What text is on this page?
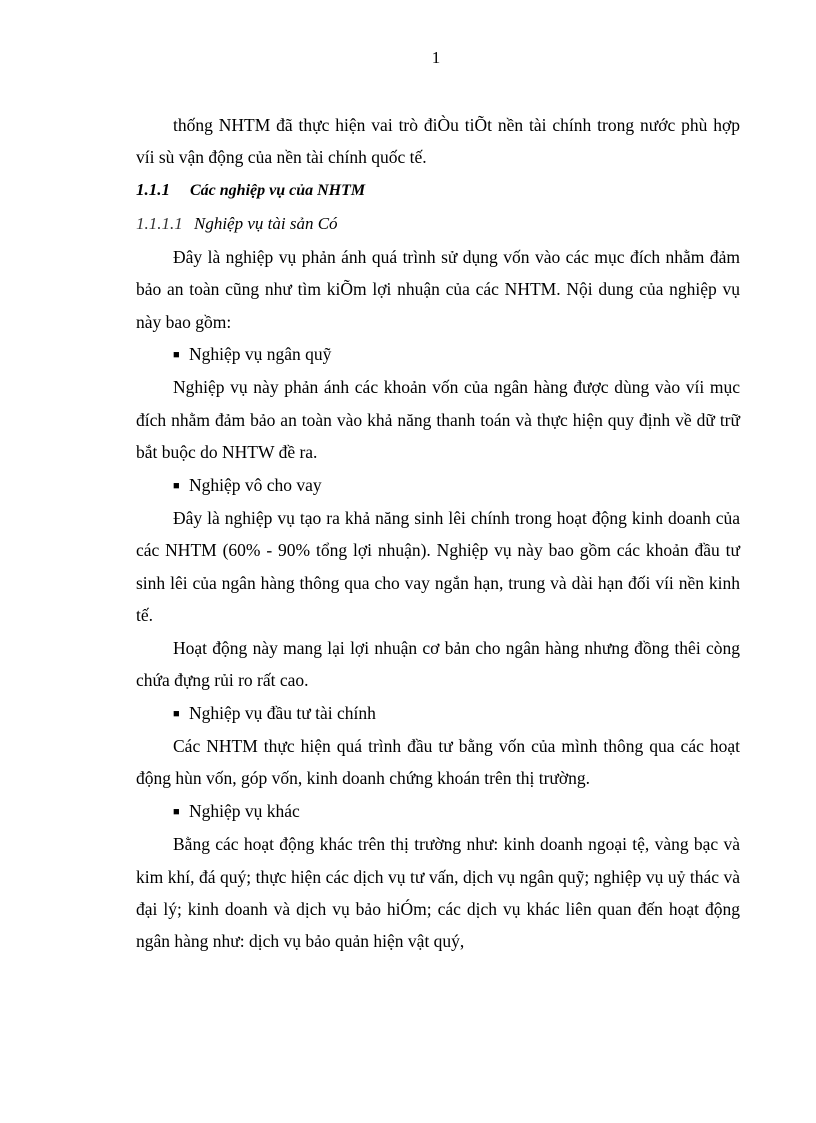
1

thống NHTM đã thực hiện vai trò điÒu tiÕt nền tài chính trong nước phù hợp víi sù vận động của nền tài chính quốc tế.

1.1.1 Các nghiệp vụ của NHTM

1.1.1.1 Nghiệp vụ tài sản Có

Đây là nghiệp vụ phản ánh quá trình sử dụng vốn vào các mục đích nhằm đảm bảo an toàn cũng như tìm kiÕm lợi nhuận của các NHTM. Nội dung của nghiệp vụ này bao gồm:

■ Nghiệp vụ ngân quỹ

Nghiệp vụ này phản ánh các khoản vốn của ngân hàng được dùng vào víi mục đích nhằm đảm bảo an toàn vào khả năng thanh toán và thực hiện quy định về dữ trữ bắt buộc do NHTW đề ra.

■ Nghiệp vô cho vay

Đây là nghiệp vụ tạo ra khả năng sinh lêi chính trong hoạt động kinh doanh của các NHTM (60% - 90% tổng lợi nhuận). Nghiệp vụ này bao gồm các khoản đầu tư sinh lêi của ngân hàng thông qua cho vay ngắn hạn, trung và dài hạn đối víi nền kinh tế.

Hoạt động này mang lại lợi nhuận cơ bản cho ngân hàng nhưng đồng thêi còng chứa đựng rủi ro rất cao.

■ Nghiệp vụ đầu tư tài chính

Các NHTM thực hiện quá trình đầu tư bằng vốn của mình thông qua các hoạt động hùn vốn, góp vốn, kinh doanh chứng khoán trên thị trường.

■ Nghiệp vụ khác

Bằng các hoạt động khác trên thị trường như: kinh doanh ngoại tệ, vàng bạc và kim khí, đá quý; thực hiện các dịch vụ tư vấn, dịch vụ ngân quỹ; nghiệp vụ uỷ thác và đại lý; kinh doanh và dịch vụ bảo hiÓm; các dịch vụ khác liên quan đến hoạt động ngân hàng như: dịch vụ bảo quản hiện vật quý,
